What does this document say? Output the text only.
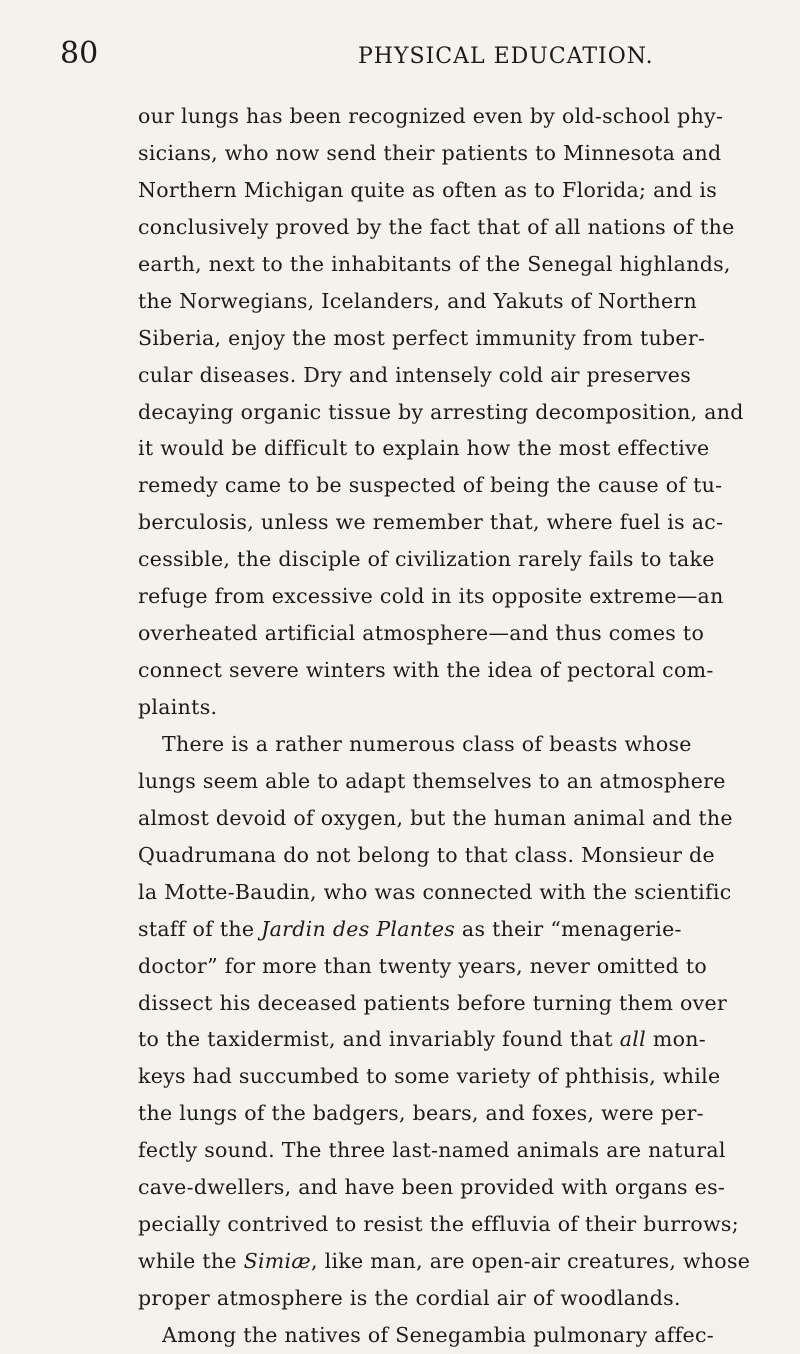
80	PHYSICAL EDUCATION.
our lungs has been recognized even by old-school phy-
sicians, who now send their patients to Minnesota and
Northern Michigan quite as often as to Florida; and is
conclusively proved by the fact that of all nations of the
earth, next to the inhabitants of the Senegal highlands,
the Norwegians, Icelanders, and Yakuts of Northern
Siberia, enjoy the most perfect immunity from tuber-
cular diseases. Dry and intensely cold air preserves
decaying organic tissue by arresting decomposition, and
it would be difficult to explain how the most effective
remedy came to be suspected of being the cause of tu-
berculosis, unless we remember that, where fuel is ac-
cessible, the disciple of civilization rarely fails to take
refuge from excessive cold in its opposite extreme—an
overheated artificial atmosphere—and thus comes to
connect severe winters with the idea of pectoral com-
plaints.
There is a rather numerous class of beasts whose
lungs seem able to adapt themselves to an atmosphere
almost devoid of oxygen, but the human animal and the
Quadrumana do not belong to that class. Monsieur de
la Motte-Baudin, who was connected with the scientific
staff of the Jardin des Plantes as their “menagerie-
doctor” for more than twenty years, never omitted to
dissect his deceased patients before turning them over
to the taxidermist, and invariably found that all mon-
keys had succumbed to some variety of phthisis, while
the lungs of the badgers, bears, and foxes, were per-
fectly sound. The three last-named animals are natural
cave-dwellers, and have been provided with organs es-
pecially contrived to resist the effluvia of their burrows;
while the Simiæ, like man, are open-air creatures, whose
proper atmosphere is the cordial air of woodlands.
Among the natives of Senegambia pulmonary affec-
